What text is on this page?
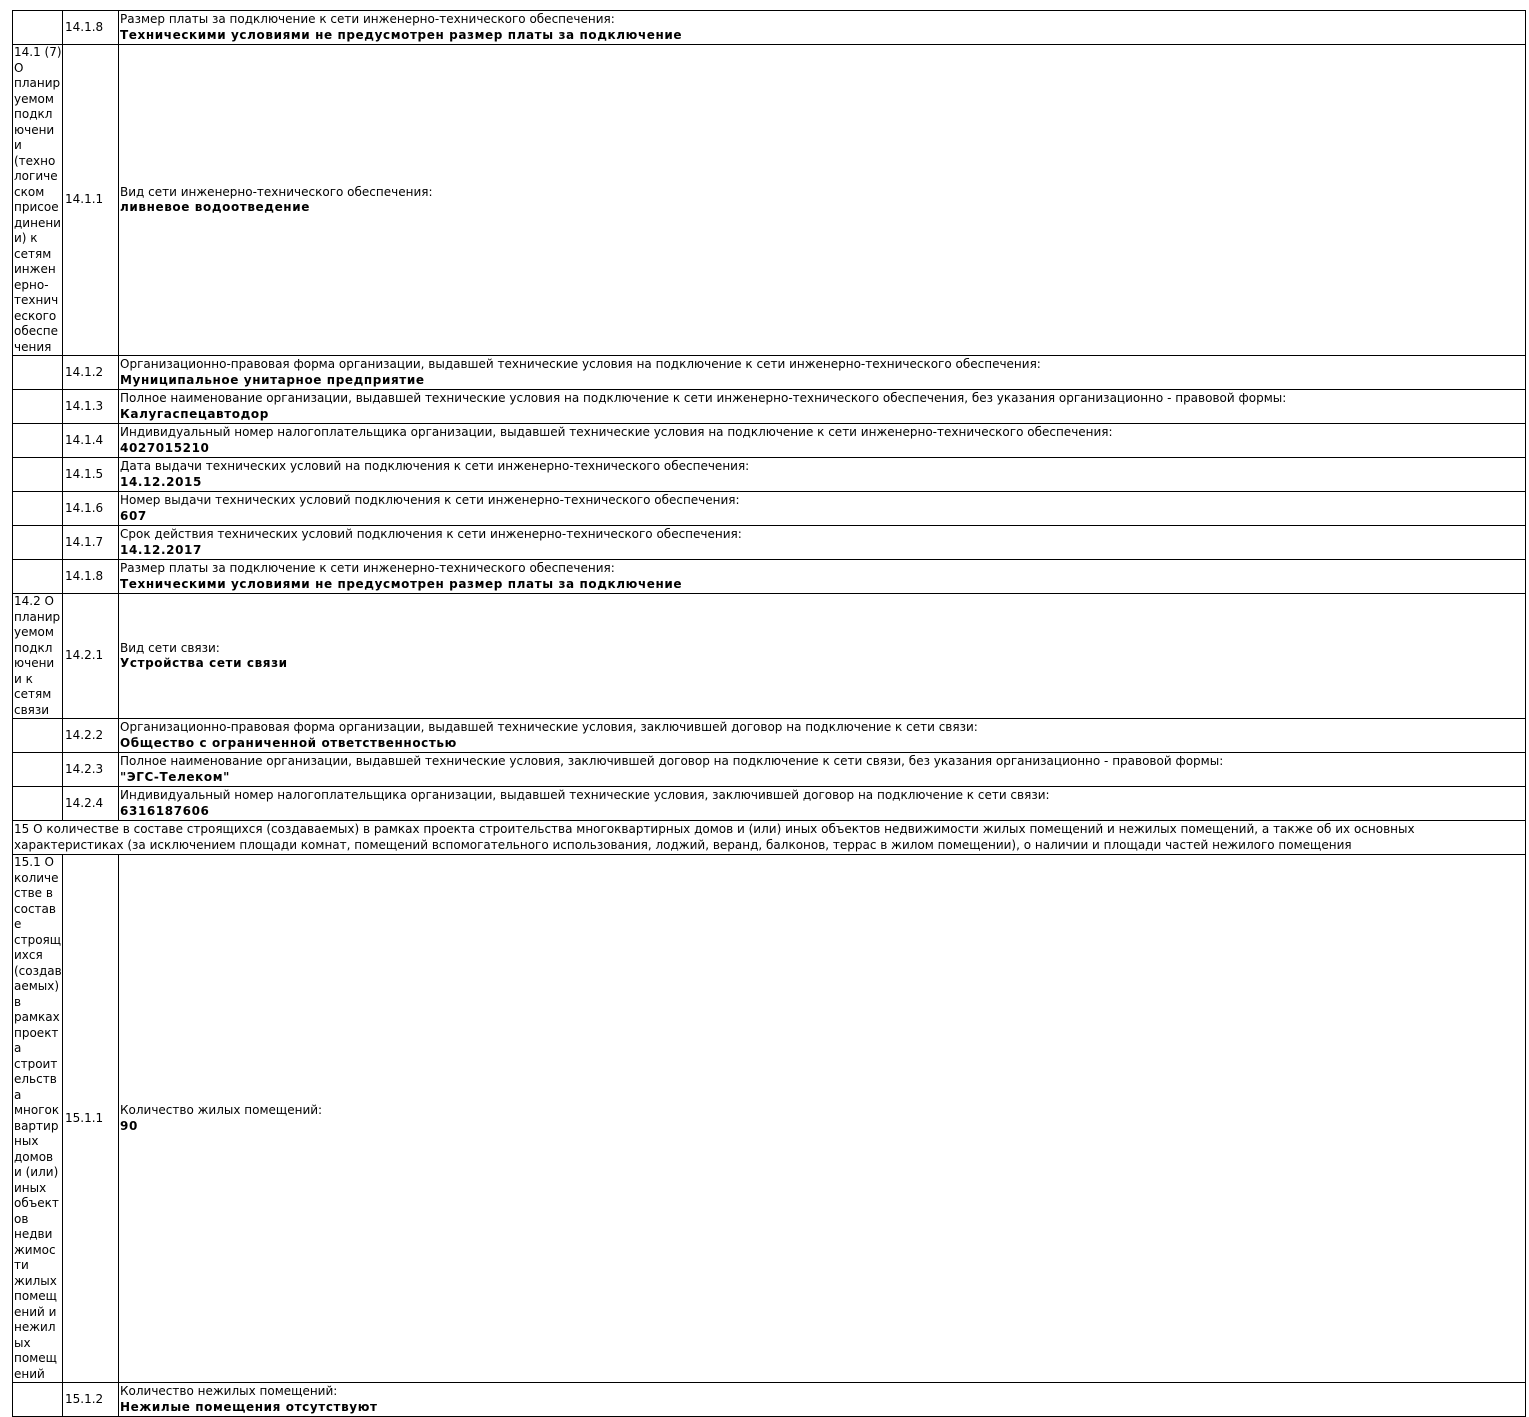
	14.1.8	Размер платы за подключение к сети инженерно-технического обеспечения:
Техническими условиями не предусмотрен размер платы за подключение

14.1 (7) О планируемом подключении (технологическом присоединении) к сетям инженерно-технического обеспечения	14.1.1	Вид сети инженерно-технического обеспечения:
ливневое водоотведение

	14.1.2	Организационно-правовая форма организации, выдавшей технические условия на подключение к сети инженерно-технического обеспечения:
Муниципальное унитарное предприятие

	14.1.3	Полное наименование организации, выдавшей технические условия на подключение к сети инженерно-технического обеспечения, без указания организационно - правовой формы:
Калугаспецавтодор

	14.1.4	Индивидуальный номер налогоплательщика организации, выдавшей технические условия на подключение к сети инженерно-технического обеспечения:
4027015210

	14.1.5	Дата выдачи технических условий на подключения к сети инженерно-технического обеспечения:
14.12.2015

	14.1.6	Номер выдачи технических условий подключения к сети инженерно-технического обеспечения:
607

	14.1.7	Срок действия технических условий подключения к сети инженерно-технического обеспечения:
14.12.2017

	14.1.8	Размер платы за подключение к сети инженерно-технического обеспечения:
Техническими условиями не предусмотрен размер платы за подключение

14.2 О планируемом подключении к сетям связи	14.2.1	Вид сети связи:
Устройства сети связи

	14.2.2	Организационно-правовая форма организации, выдавшей технические условия, заключившей договор на подключение к сети связи:
Общество с ограниченной ответственностью

	14.2.3	Полное наименование организации, выдавшей технические условия, заключившей договор на подключение к сети связи, без указания организационно - правовой формы:
"ЭГС-Телеком"

	14.2.4	Индивидуальный номер налогоплательщика организации, выдавшей технические условия, заключившей договор на подключение к сети связи:
6316187606

15 О количестве в составе строящихся (создаваемых) в рамках проекта строительства многоквартирных домов и (или) иных объектов недвижимости жилых помещений и нежилых помещений, а также об их основных характеристиках (за исключением площади комнат, помещений вспомогательного использования, лоджий, веранд, балконов, террас в жилом помещении), о наличии и площади частей нежилого помещения		

15.1 О количестве в составе строящихся (создаваемых) в рамках проекта строительства многоквартирных домов и (или) иных объектов недвижимости жилых помещений и нежилых помещений	15.1.1	Количество жилых помещений:
90

	15.1.2	Количество нежилых помещений:
Нежилые помещения отсутствуют
